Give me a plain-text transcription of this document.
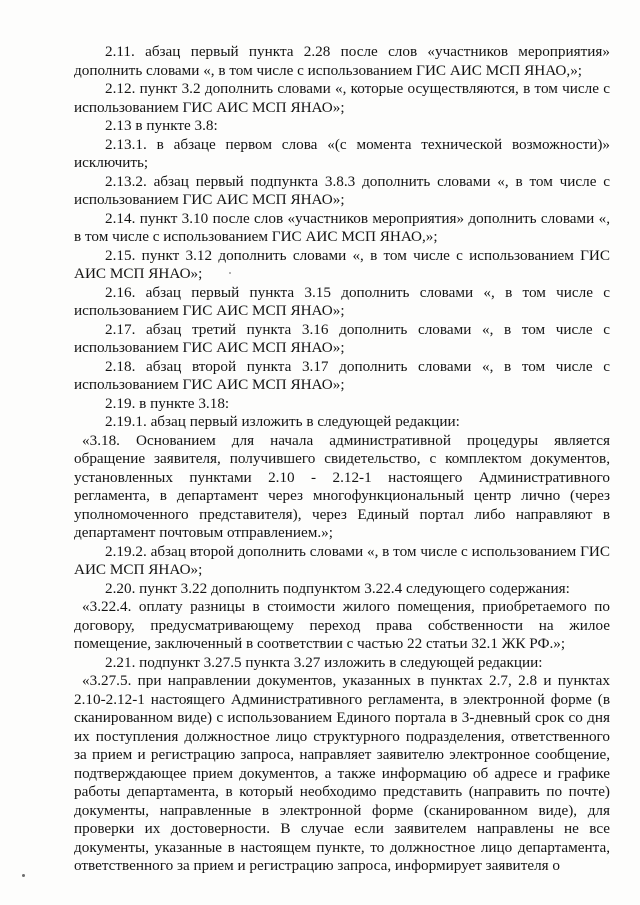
2.11. абзац первый пункта 2.28 после слов «участников мероприятия» дополнить словами «, в том числе с использованием ГИС АИС МСП ЯНАО,»;

2.12. пункт 3.2 дополнить словами «, которые осуществляются, в том числе с использованием ГИС АИС МСП ЯНАО»;

2.13 в пункте 3.8:

2.13.1. в абзаце первом слова «(с момента технической возможности)» исключить;

2.13.2. абзац первый подпункта 3.8.3 дополнить словами «, в том числе с использованием ГИС АИС МСП ЯНАО»;

2.14. пункт 3.10 после слов «участников мероприятия» дополнить словами «, в том числе с использованием ГИС АИС МСП ЯНАО,»;

2.15. пункт 3.12 дополнить словами «, в том числе с использованием ГИС АИС МСП ЯНАО»;

2.16. абзац первый пункта 3.15 дополнить словами «, в том числе с использованием ГИС АИС МСП ЯНАО»;

2.17. абзац третий пункта 3.16 дополнить словами «, в том числе с использованием ГИС АИС МСП ЯНАО»;

2.18. абзац второй пункта 3.17 дополнить словами «, в том числе с использованием ГИС АИС МСП ЯНАО»;

2.19. в пункте 3.18:

2.19.1. абзац первый изложить в следующей редакции:

«3.18. Основанием для начала административной процедуры является обращение заявителя, получившего свидетельство, с комплектом документов, установленных пунктами 2.10 - 2.12-1 настоящего Административного регламента, в департамент через многофункциональный центр лично (через уполномоченного представителя), через Единый портал либо направляют в департамент почтовым отправлением.»;

2.19.2. абзац второй дополнить словами «, в том числе с использованием ГИС АИС МСП ЯНАО»;

2.20. пункт 3.22 дополнить подпунктом 3.22.4 следующего содержания:

«3.22.4. оплату разницы в стоимости жилого помещения, приобретаемого по договору, предусматривающему переход права собственности на жилое помещение, заключенный в соответствии с частью 22 статьи 32.1 ЖК РФ.»;

2.21. подпункт 3.27.5 пункта 3.27 изложить в следующей редакции:

«3.27.5. при направлении документов, указанных в пунктах 2.7, 2.8 и пунктах 2.10-2.12-1 настоящего Административного регламента, в электронной форме (в сканированном виде) с использованием Единого портала в 3-дневный срок со дня их поступления должностное лицо структурного подразделения, ответственного за прием и регистрацию запроса, направляет заявителю электронное сообщение, подтверждающее прием документов, а также информацию об адресе и графике работы департамента, в который необходимо представить (направить по почте) документы, направленные в электронной форме (сканированном виде), для проверки их достоверности. В случае если заявителем направлены не все документы, указанные в настоящем пункте, то должностное лицо департамента, ответственного за прием и регистрацию запроса, информирует заявителя о
